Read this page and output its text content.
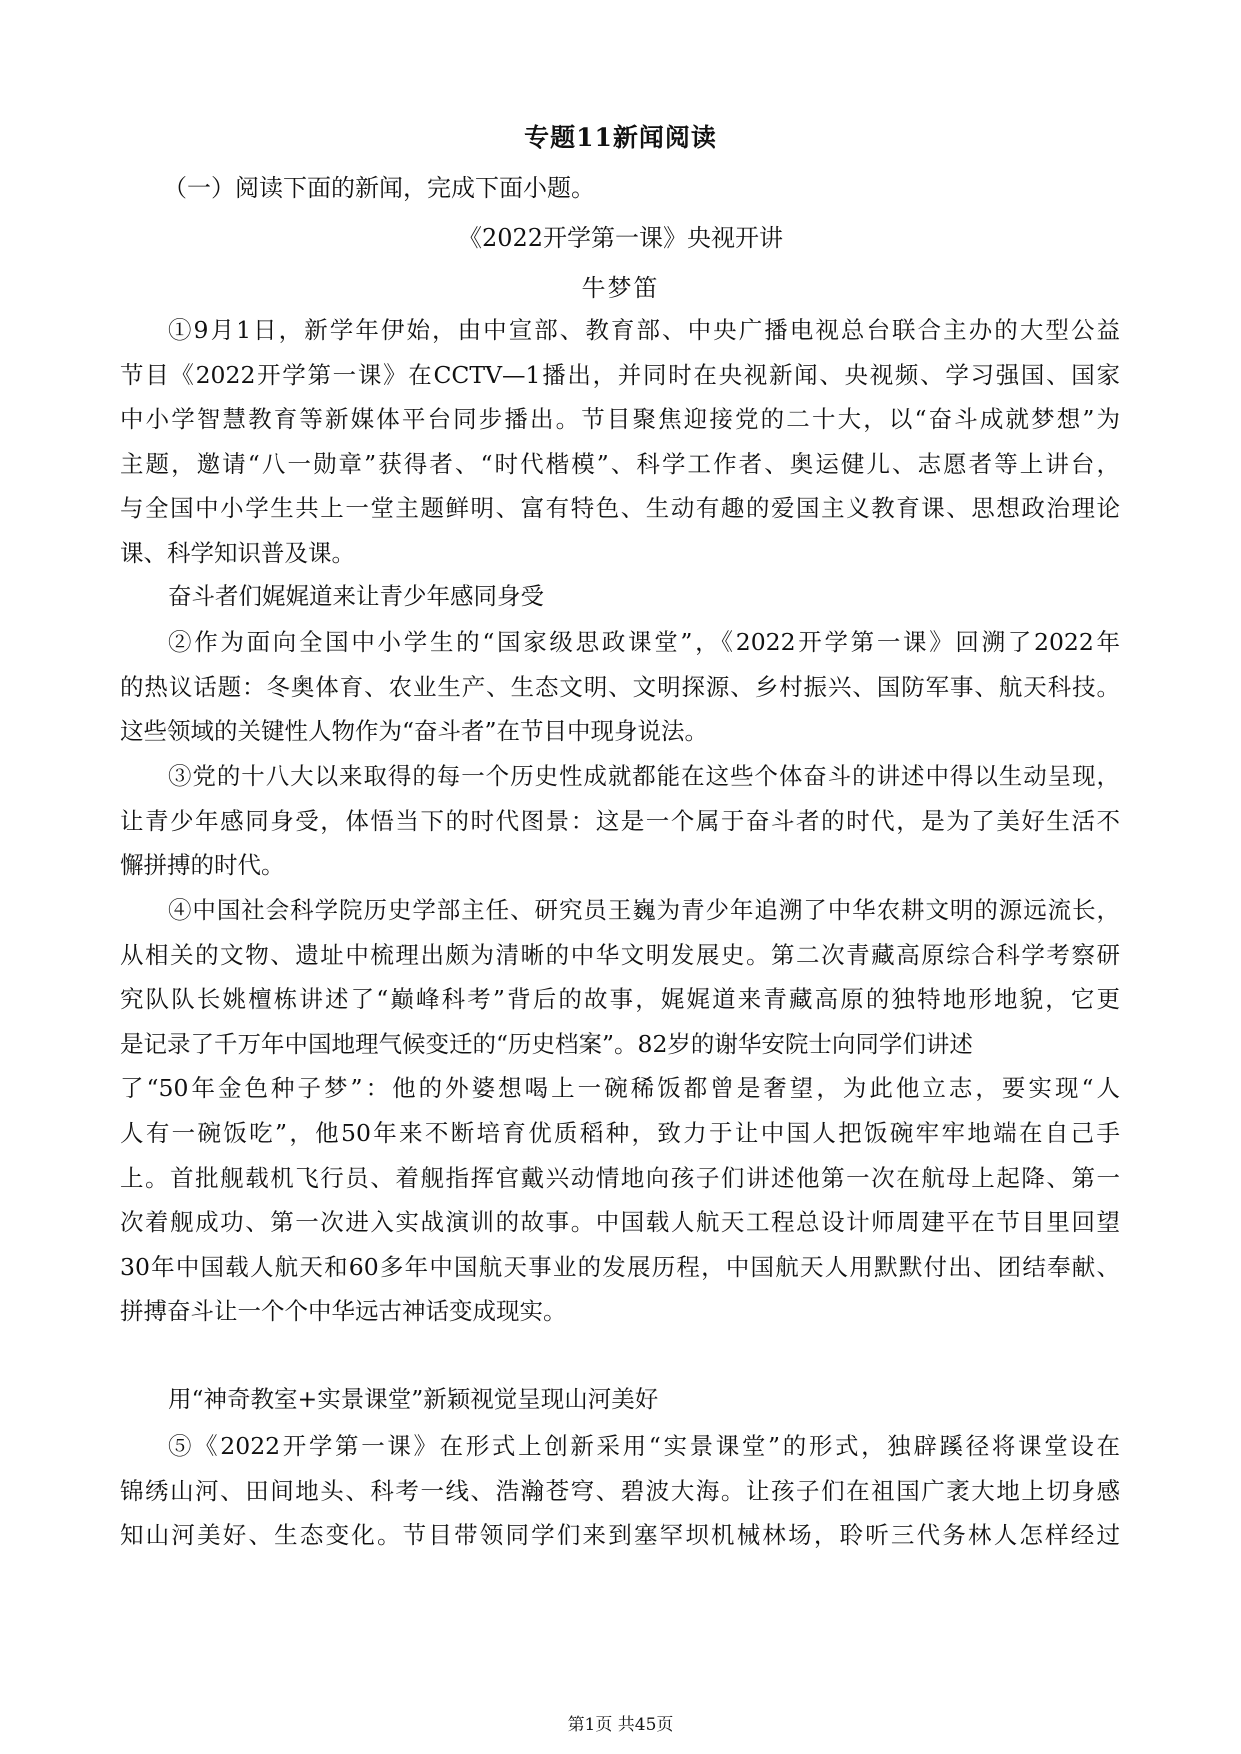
专题11新闻阅读
（一）阅读下面的新闻，完成下面小题。
《2022开学第一课》央视开讲
牛梦笛
①9月1日，新学年伊始，由中宣部、教育部、中央广播电视总台联合主办的大型公益
节目《2022开学第一课》在CCTV—1播出，并同时在央视新闻、央视频、学习强国、国家
中小学智慧教育等新媒体平台同步播出。节目聚焦迎接党的二十大，以“奋斗成就梦想”为
主题，邀请“八一勋章”获得者、“时代楷模”、科学工作者、奥运健儿、志愿者等上讲台，
与全国中小学生共上一堂主题鲜明、富有特色、生动有趣的爱国主义教育课、思想政治理论
课、科学知识普及课。
奋斗者们娓娓道来让青少年感同身受
②作为面向全国中小学生的“国家级思政课堂”，《2022开学第一课》回溯了2022年
的热议话题：冬奥体育、农业生产、生态文明、文明探源、乡村振兴、国防军事、航天科技。
这些领域的关键性人物作为“奋斗者”在节目中现身说法。
③党的十八大以来取得的每一个历史性成就都能在这些个体奋斗的讲述中得以生动呈现，
让青少年感同身受，体悟当下的时代图景：这是一个属于奋斗者的时代，是为了美好生活不
懈拼搏的时代。
④中国社会科学院历史学部主任、研究员王巍为青少年追溯了中华农耕文明的源远流长，
从相关的文物、遗址中梳理出颇为清晰的中华文明发展史。第二次青藏高原综合科学考察研
究队队长姚檀栋讲述了“巅峰科考”背后的故事，娓娓道来青藏高原的独特地形地貌，它更
是记录了千万年中国地理气候变迁的“历史档案”。82岁的谢华安院士向同学们讲述
了“50年金色种子梦”：他的外婆想喝上一碗稀饭都曾是奢望，为此他立志，要实现“人
人有一碗饭吃”，他50年来不断培育优质稻种，致力于让中国人把饭碗牢牢地端在自己手
上。首批舰载机飞行员、着舰指挥官戴兴动情地向孩子们讲述他第一次在航母上起降、第一
次着舰成功、第一次进入实战演训的故事。中国载人航天工程总设计师周建平在节目里回望
30年中国载人航天和60多年中国航天事业的发展历程，中国航天人用默默付出、团结奉献、
拼搏奋斗让一个个中华远古神话变成现实。
用“神奇教室+实景课堂”新颖视觉呈现山河美好
⑤《2022开学第一课》在形式上创新采用“实景课堂”的形式，独辟蹊径将课堂设在
锦绣山河、田间地头、科考一线、浩瀚苍穹、碧波大海。让孩子们在祖国广袤大地上切身感
知山河美好、生态变化。节目带领同学们来到塞罕坝机械林场，聆听三代务林人怎样经过
第1页 共45页
